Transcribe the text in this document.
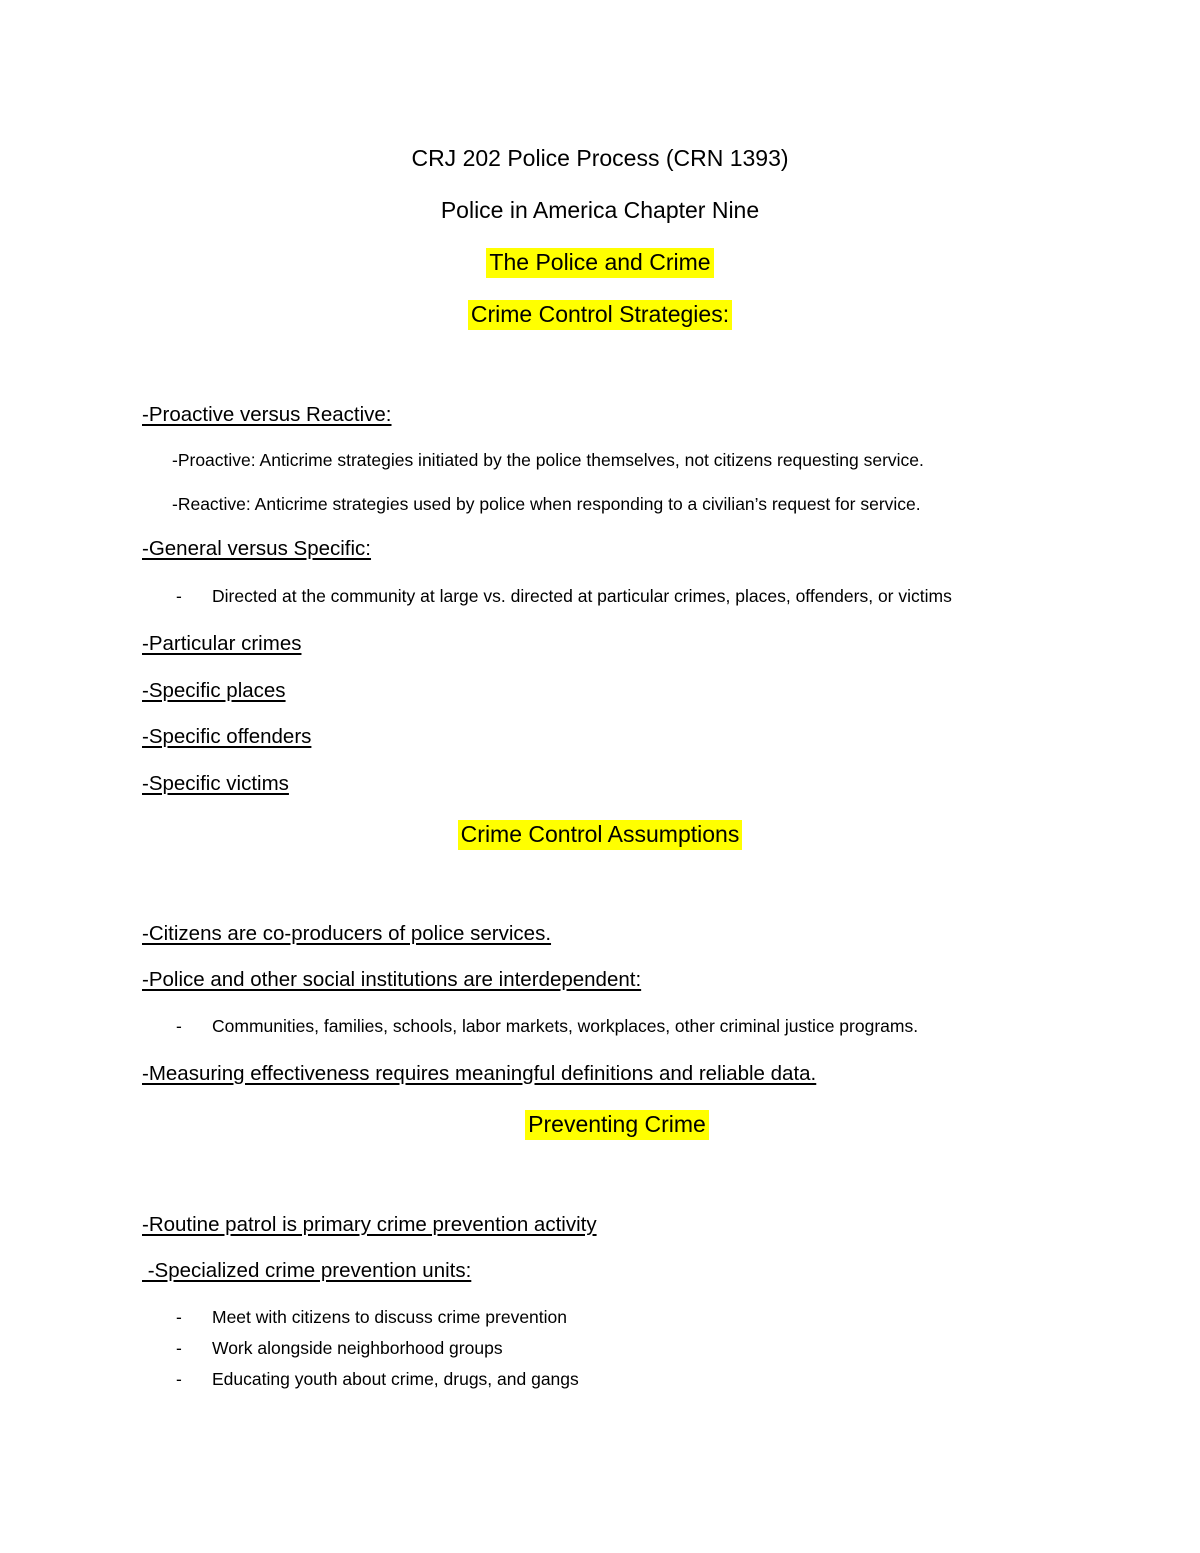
CRJ 202 Police Process (CRN 1393)
Police in America Chapter Nine
The Police and Crime
Crime Control Strategies:
-Proactive versus Reactive:
-Proactive: Anticrime strategies initiated by the police themselves, not citizens requesting service.
-Reactive: Anticrime strategies used by police when responding to a civilian’s request for service.
-General versus Specific:
- Directed at the community at large vs. directed at particular crimes, places, offenders, or victims
-Particular crimes
-Specific places
-Specific offenders
-Specific victims
Crime Control Assumptions
-Citizens are co-producers of police services.
-Police and other social institutions are interdependent:
- Communities, families, schools, labor markets, workplaces, other criminal justice programs.
-Measuring effectiveness requires meaningful definitions and reliable data.
Preventing Crime
-Routine patrol is primary crime prevention activity
-Specialized crime prevention units:
- Meet with citizens to discuss crime prevention
- Work alongside neighborhood groups
- Educating youth about crime, drugs, and gangs
